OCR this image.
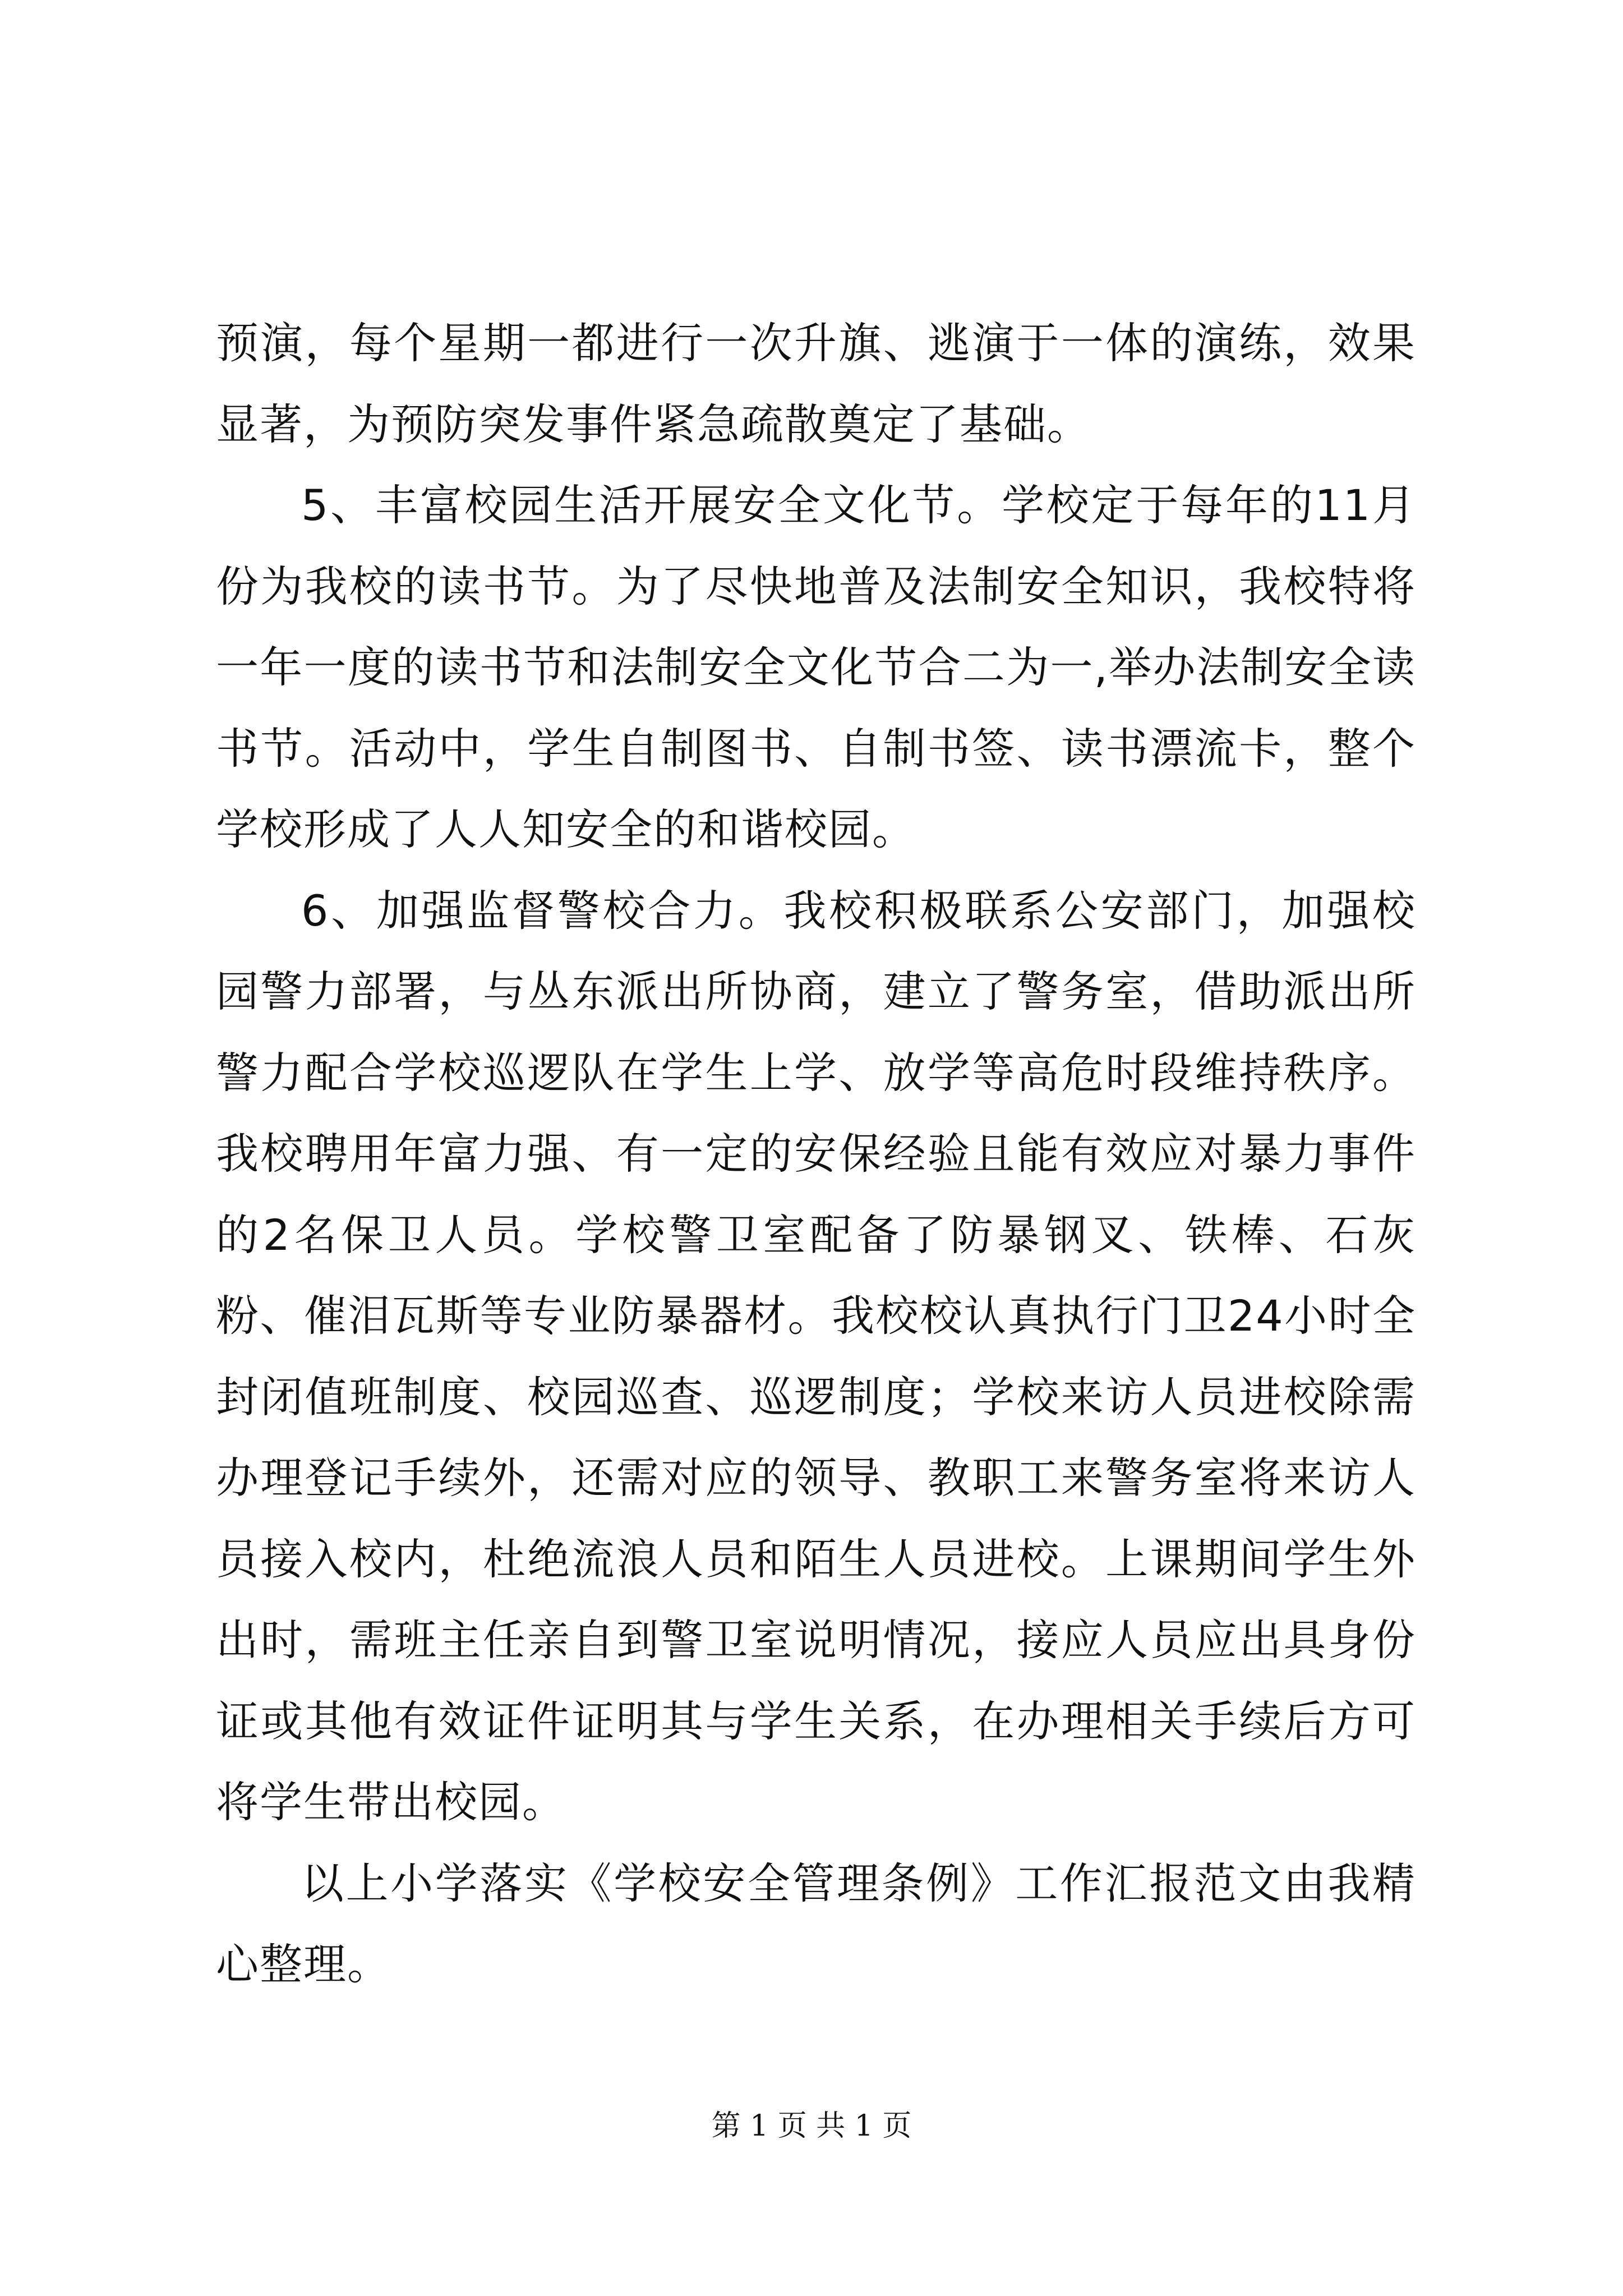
预演，每个星期一都进行一次升旗、逃演于一体的演练，效果显著，为预防突发事件紧急疏散奠定了基础。

5、丰富校园生活开展安全文化节。学校定于每年的11月份为我校的读书节。为了尽快地普及法制安全知识，我校特将一年一度的读书节和法制安全文化节合二为一,举办法制安全读书节。活动中，学生自制图书、自制书签、读书漂流卡，整个学校形成了人人知安全的和谐校园。

6、加强监督警校合力。我校积极联系公安部门，加强校园警力部署，与丛东派出所协商，建立了警务室，借助派出所警力配合学校巡逻队在学生上学、放学等高危时段维持秩序。我校聘用年富力强、有一定的安保经验且能有效应对暴力事件的2名保卫人员。学校警卫室配备了防暴钢叉、铁棒、石灰粉、催泪瓦斯等专业防暴器材。我校校认真执行门卫24小时全封闭值班制度、校园巡查、巡逻制度；学校来访人员进校除需办理登记手续外，还需对应的领导、教职工来警务室将来访人员接入校内，杜绝流浪人员和陌生人员进校。上课期间学生外出时，需班主任亲自到警卫室说明情况，接应人员应出具身份证或其他有效证件证明其与学生关系，在办理相关手续后方可将学生带出校园。

以上小学落实《学校安全管理条例》工作汇报范文由我精心整理。

第 1 页 共 1 页
